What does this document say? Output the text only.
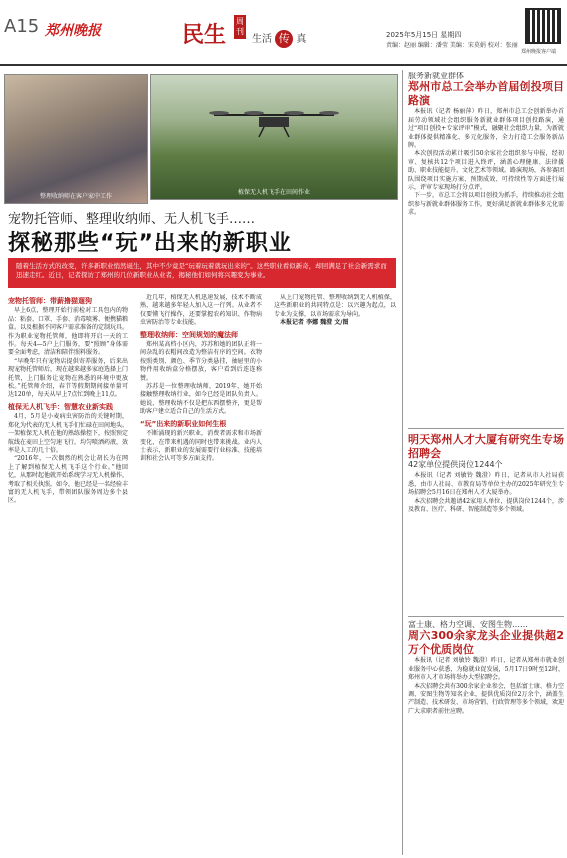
A15 郑州晚报	民生
周刊
生活 传 真	2025年5月15日 星期四
责编：赵丽 编辑：潘莹 美编：宋莫娟 校对：张丽
郑州晚报客户端
整理收纳师在客户家中工作
植保无人机飞手在田间作业
宠物托管师、整理收纳师、无人机飞手……
探秘那些“玩”出来的新职业
随着生活方式的改变，许多新职业悄然诞生，其中不少竟是“玩着玩着就玩出来的”。这些职业看似新奇，却回满足了社会新需求而迅速走红。近日，记者探访了郑州的几位新职业从业者，揭秘他们如何将兴趣变为事业。
宠物托管师：带薪撸猫遛狗

早上6点，整理开始行前检对工具包内的物品：粘套、口罩、手套、消毒喷雾、便携猫粮盒。以及根据不同客户需求准备的定制玩具。作为职业宠物托管师，他即将开启一天的工作。每天4—5户上门服务，要“照顾”身体需要全面考虑，清洁和陪伴照料服务。

“早晚年只有宠物店提供寄养服务，后来出现宠物托管师后，现在越来越多家庭选择上门托管，上门服务让宠物在熟悉的环境中更放松。”托管师介绍，春节等假期期间接单量可达120单，每天从早上7点忙到晚上11点。

植保无人机飞手：智慧农业新实践

4月，5月是小麦病虫害防治的关键时期，郑化为代表的无人机飞手们忙碌在田间地头。一架植保无人机在他的熟练操控下，按照预定航线在麦田上空匀速飞行，均匀喷洒药液，效率是人工的几十倍。

“2016年，一次偶然的机会让胡长为在网上了解到植保无人机飞手这个行业。”他回忆，从那时起他就开始系统学习无人机操作，考取了相关执照。如今，他已经是一名经验丰富的无人机飞手，带领团队服务周边多个县区。

近几年，植保无人机迅速发展，技术不断成熟，越来越多年轻人加入这一行列。从业者不仅要懂飞行操作，还要掌握农药知识、作物病虫害防治等专业技能。

整理收纳师：空间规划的魔法师

郑州某高档小区内，苏苏和她的团队正将一间杂乱的衣帽间改造为整洁有序的空间。衣物按照类别、颜色、季节分类悬挂，抽屉里的小物件用收纳盒分格摆放，客户看到后连连称赞。

苏苏是一位整理收纳师，2019年，她开始接触整理收纳行业，如今已经是团队负责人。她说，整理收纳不仅是把东西摆整齐，更是帮助客户建立适合自己的生活方式。

“玩”出来的新职业如何生根

不断涌现的新兴职业，消费者需求和市场新变化，在带来机遇的同时也带来挑战。业内人士表示，新职业的发展需要行业标准、技能培训和社会认可等多方面支持。

从上门宠物托管、整理收纳到无人机植保，这些新职业的共同特点是：以兴趣为起点，以专业为支撑，以市场需求为导向。

本报记者 李娜 魏澄 文/图

服务新就业群体
郑州市总工会举办首届创投项目路演

本报讯（记者 杨丽萍）昨日，郑州市总工会创新举办首届劳动领域社会组织服务新就业群体项目创投路演，通过“项目创投+专家评审”模式，融聚社会组织力量，为新就业群体提供精准化、多元化服务，全力打造工会服务新品牌。

本次创投活动累计吸引50余家社会组织参与申报，经初审、复核共12个项目进入终评，涵盖心理健康、法律援助、职业技能提升、文化艺术等领域。路演现场，各参赛团队围绕项目实施方案、预期成效、可持续性等方面进行展示，评审专家现场打分点评。

下一步，市总工会将以项目创投为抓手，持续推动社会组织参与新就业群体服务工作，更好满足新就业群体多元化需求。

明天郑州人才大厦有研究生专场招聘会
42家单位提供岗位1244个

本报讯（记者 刘敏铃 魏澄）昨日，记者从市人社局获悉，由市人社局、市教育局等单位主办的2025年研究生专场招聘会5月16日在郑州人才大厦举办。

本次招聘会共邀请42家用人单位，提供岗位1244个，涉及教育、医疗、科研、智能制造等多个领域。

富士康、格力空调、安图生物……
周六300余家龙头企业提供超2万个优质岗位

本报讯（记者 刘敏铃 魏澄）昨日，记者从郑州市就业创业服务中心获悉，为稳就业促发展，5月17日9时至12时，郑州市人才市场将举办大型招聘会。

本次招聘会共有300余家企业参会，包括富士康、格力空调、安图生物等知名企业，提供优质岗位2万余个，涵盖生产制造、技术研发、市场营销、行政管理等多个领域，欢迎广大求职者前往应聘。
